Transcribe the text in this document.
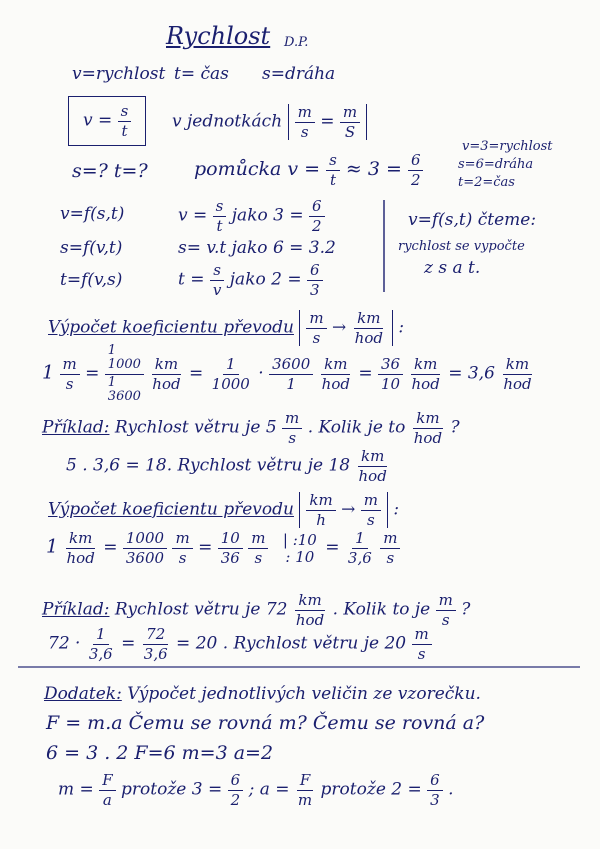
Rychlost D.P.
v=rychlost t= čas s=dráha
$v = \frac{s}{t}$ v jednotkách $\frac{m}{s} = \frac{m}{S}$
s=? t=? pomůcka $v = \frac{s}{t} \approx 3 = \frac{6}{2}$
v=3=rychlost
s=6=dráha
t=2=čas
v=f(s,t)
s=f(v,t)
t=f(v,s)
$v = \frac{s}{t}$ jako $3 = \frac{6}{2}$
s= v.t jako 6 = 3.2
$t = \frac{s}{v}$ jako $2 = \frac{6}{3}$
v=f(s,t) čteme:
rychlost se vypočte
z s a t.
Výpočet koeficientu převodu $\frac{m}{s} \to \frac{km}{\text{hod}}$ :
$1 \frac{m}{s}$ =
1
1000
1
3600

$\frac{km}{\text{hod}} = \frac{1}{1000} \cdot \frac{3600}{1}$
$\frac{km}{\text{hod}} = \frac{36}{10}$
$\frac{km}{\text{hod}} = 3,6 \frac{km}{\text{hod}}$
Příklad: Rychlost větru je $5 \frac{m}{s}$ . Kolik je to $\frac{km}{\text{hod}}$ ?
5 . 3,6 = 18. Rychlost větru je $18 \frac{km}{\text{hod}}$
Výpočet koeficientu převodu $\frac{km}{h} \to \frac{m}{s}$ :
$1 \frac{km}{\text{hod}} = \frac{1000}{3600}$
$\frac{m}{s} = \frac{10}{36}$
$\frac{m}{s}$
| :10
: $10 = \frac{1}{3,6}$
$\frac{m}{s}$
Příklad: Rychlost větru je $72 \frac{km}{\text{hod}}$ . Kolik to je $\frac{m}{s}$ ?
$72 \cdot \frac{1}{3,6} = \frac{72}{3,6} = 20$ . Rychlost větru je $20 \frac{m}{s}$
Dodatek: Výpočet jednotlivých veličin ze vzorečku.
F = m.a Čemu se rovná m? Čemu se rovná a?
6 = 3 . 2 F=6 m=3 a=2
$m = \frac{F}{a}$ protože $3 = \frac{6}{2}$ ; $a = \frac{F}{m}$ protože $2 = \frac{6}{3}$ .
